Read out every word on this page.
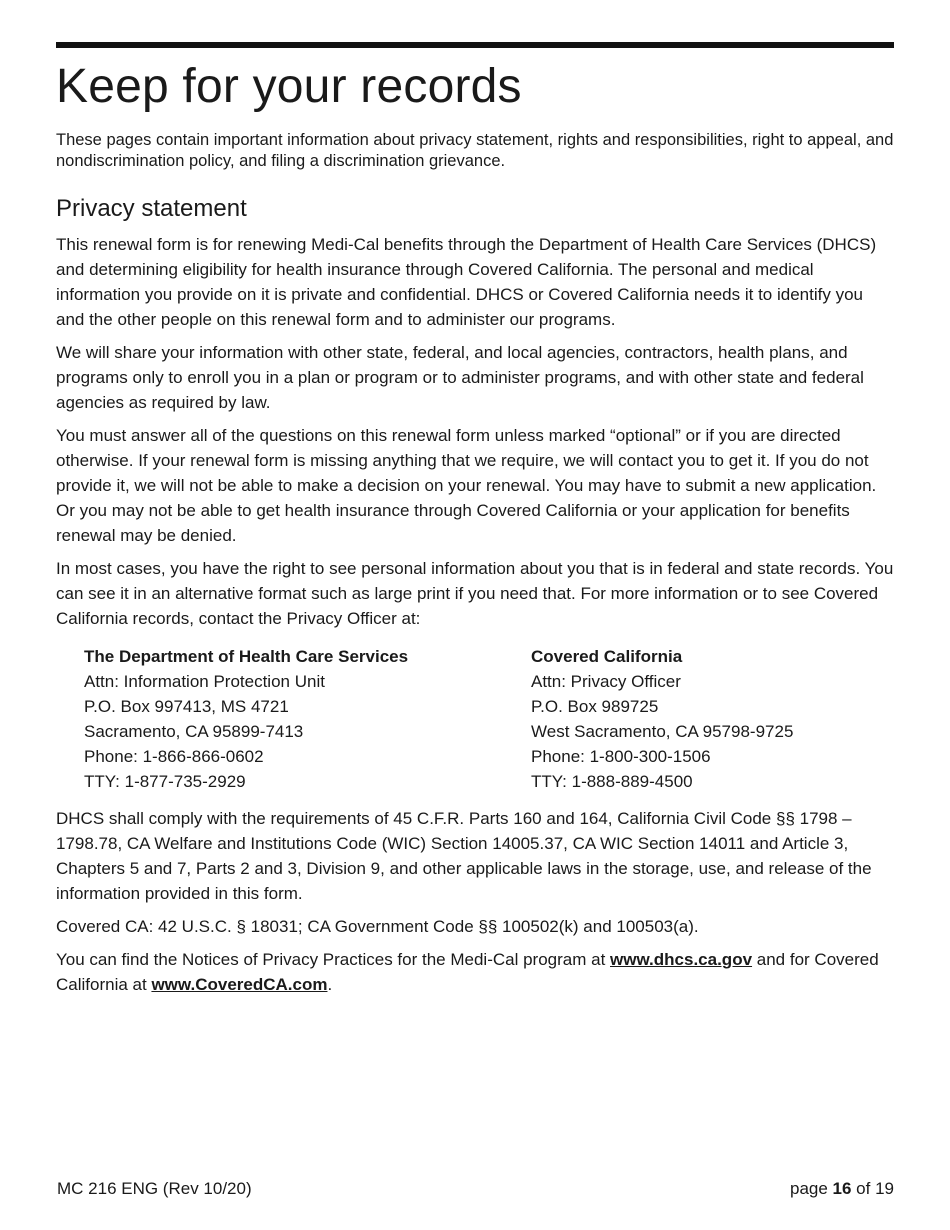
Keep for your records

These pages contain important information about privacy statement, rights and responsibilities, right to appeal, and nondiscrimination policy, and filing a discrimination grievance.

Privacy statement

This renewal form is for renewing Medi-Cal benefits through the Department of Health Care Services (DHCS) and determining eligibility for health insurance through Covered California. The personal and medical information you provide on it is private and confidential. DHCS or Covered California needs it to identify you and the other people on this renewal form and to administer our programs.

We will share your information with other state, federal, and local agencies, contractors, health plans, and programs only to enroll you in a plan or program or to administer programs, and with other state and federal agencies as required by law.

You must answer all of the questions on this renewal form unless marked “optional” or if you are directed otherwise. If your renewal form is missing anything that we require, we will contact you to get it. If you do not provide it, we will not be able to make a decision on your renewal. You may have to submit a new application. Or you may not be able to get health insurance through Covered California or your application for benefits renewal may be denied.

In most cases, you have the right to see personal information about you that is in federal and state records. You can see it in an alternative format such as large print if you need that. For more information or to see Covered California records, contact the Privacy Officer at:

The Department of Health Care Services
Attn: Information Protection Unit
P.O. Box 997413, MS 4721
Sacramento, CA 95899-7413
Phone: 1-866-866-0602
TTY: 1-877-735-2929
Covered California
Attn: Privacy Officer
P.O. Box 989725
West Sacramento, CA 95798-9725
Phone: 1-800-300-1506
TTY: 1-888-889-4500

DHCS shall comply with the requirements of 45 C.F.R. Parts 160 and 164, California Civil Code §§ 1798 – 1798.78, CA Welfare and Institutions Code (WIC) Section 14005.37, CA WIC Section 14011 and Article 3, Chapters 5 and 7, Parts 2 and 3, Division 9, and other applicable laws in the storage, use, and release of the information provided in this form.

Covered CA: 42 U.S.C. § 18031; CA Government Code §§ 100502(k) and 100503(a).

You can find the Notices of Privacy Practices for the Medi-Cal program at www.dhcs.ca.gov and for Covered California at www.CoveredCA.com.

MC 216 ENG (Rev 10/20)	page 16 of 19
